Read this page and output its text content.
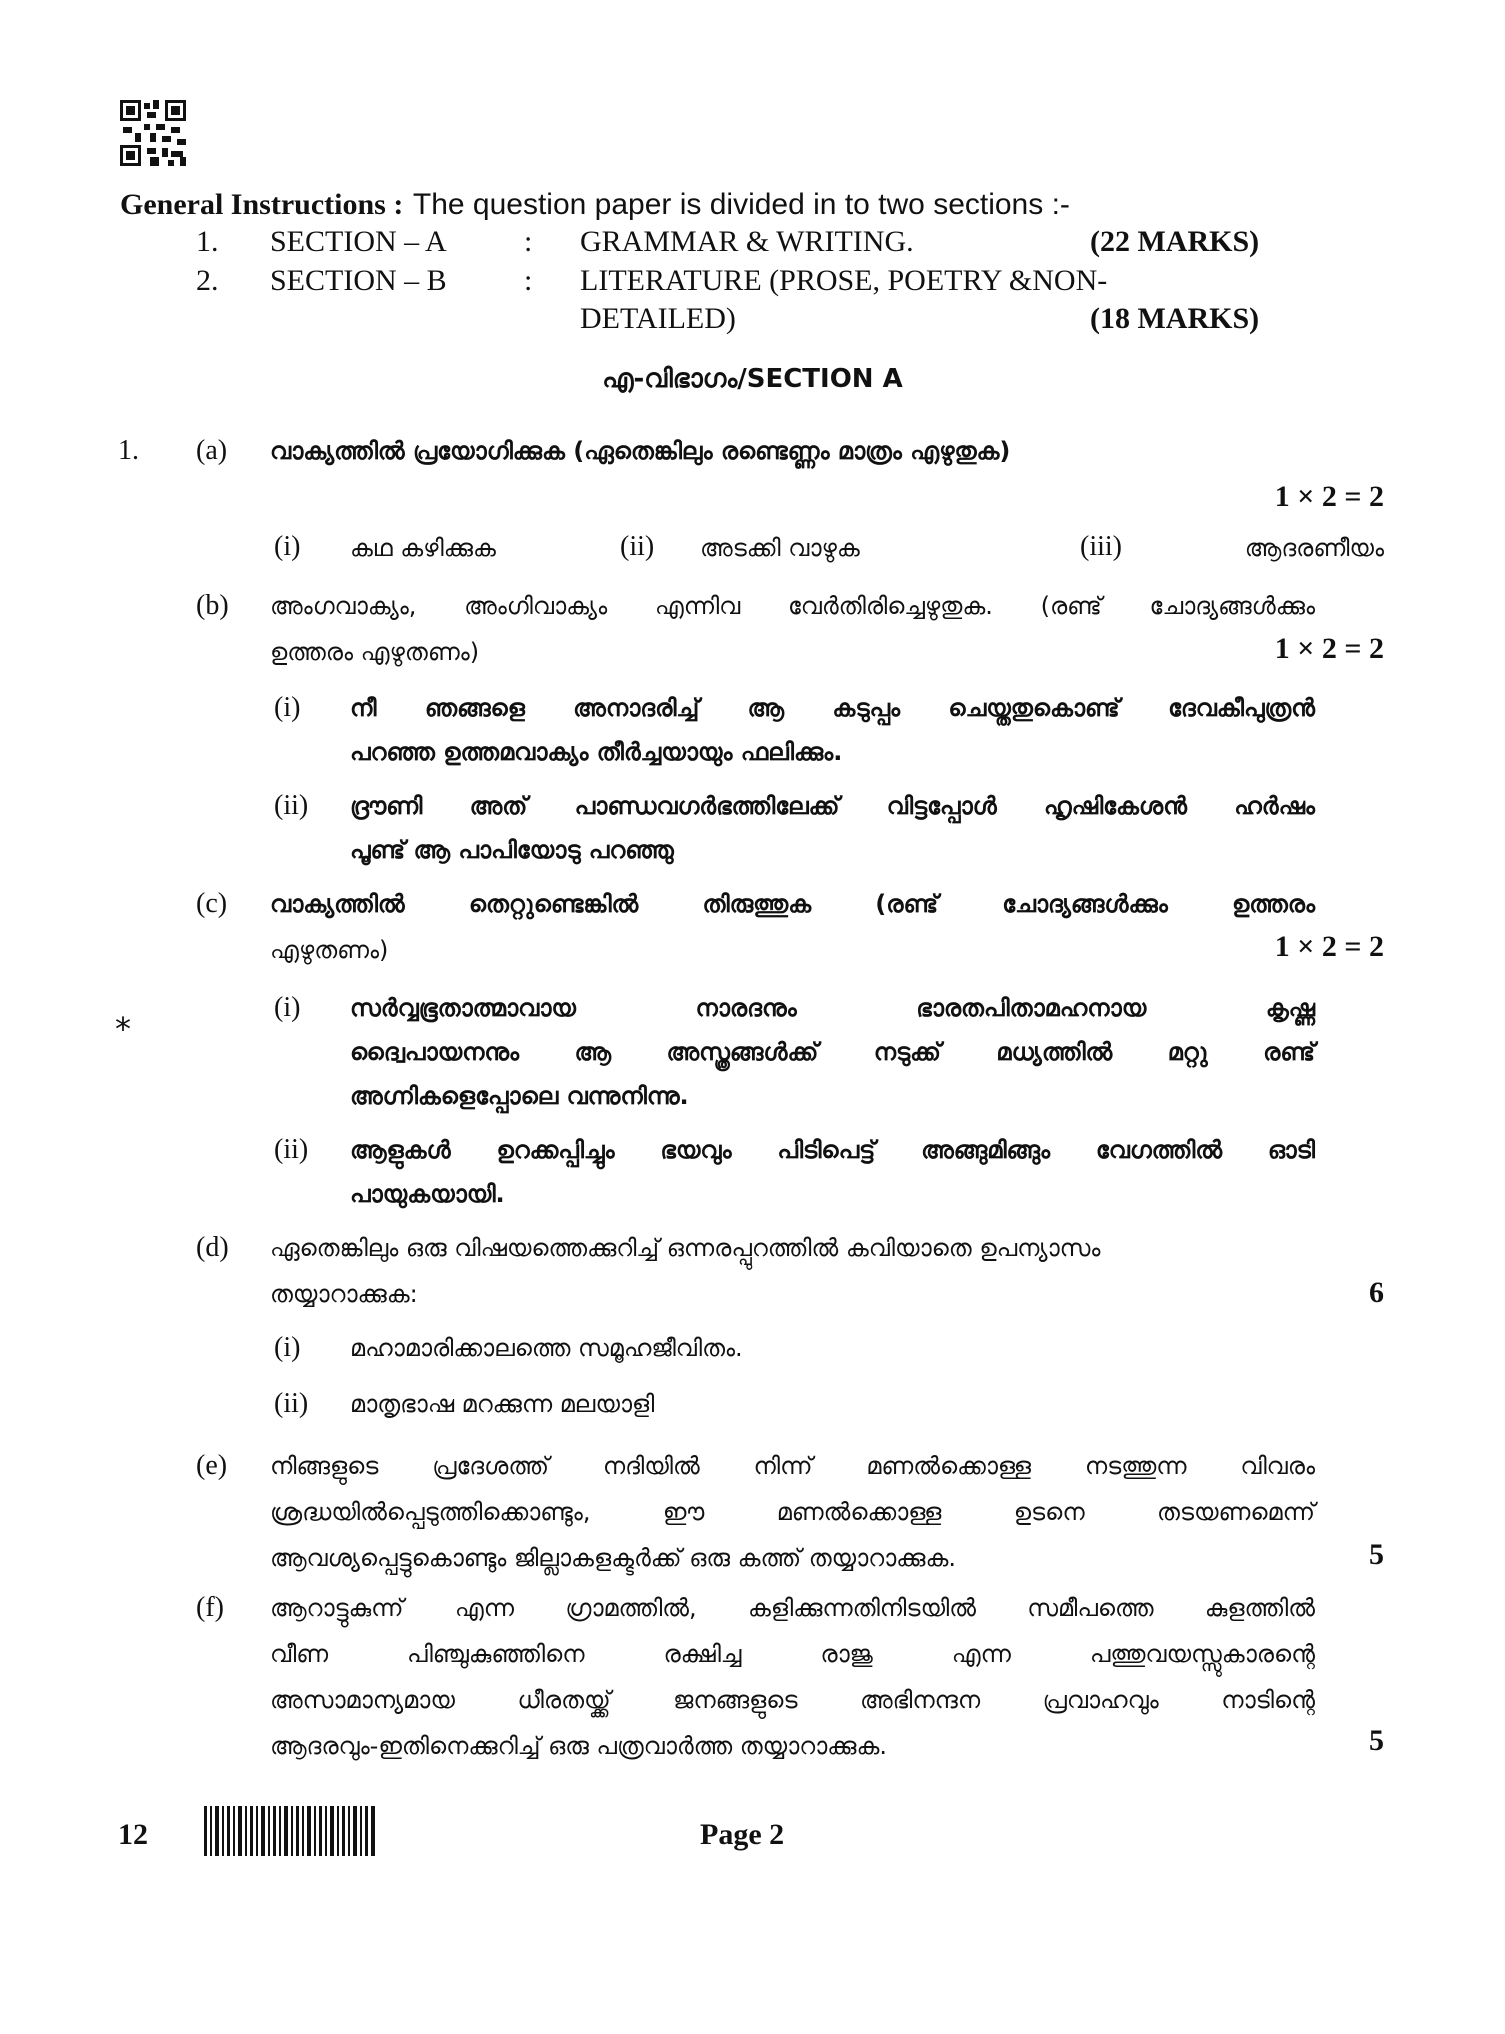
General Instructions : The question paper is divided in to two sections :-
1. SECTION – A	: GRAMMAR & WRITING.	(22 MARKS)
2. SECTION – B	: LITERATURE (PROSE, POETRY &NON-
DETAILED)	(18 MARKS)
എ-വിഭാഗം/SECTION A
1. (a) വാക്യത്തിൽ പ്രയോഗിക്കുക (ഏതെങ്കിലും രണ്ടെണ്ണം മാത്രം എഴുതുക)
1 × 2 = 2
(i) കഥ കഴിക്കുക	(ii) അടക്കി വാഴുക	(iii)	ആദരണീയം
(b) അംഗവാക്യം, അംഗിവാക്യം എന്നിവ വേർതിരിച്ചെഴുതുക. (രണ്ട് ചോദ്യങ്ങൾക്കും
ഉത്തരം എഴുതണം)	1 × 2 = 2
(i) നീ ഞങ്ങളെ അനാദരിച്ച് ആ കടുപ്പം ചെയ്തതുകൊണ്ട് ദേവകീപുത്രൻ
പറഞ്ഞ ഉത്തമവാക്യം തീർച്ചയായും ഫലിക്കും.
(ii) ദ്രൗണി അത് പാണ്ഡവഗർഭത്തിലേക്ക് വിട്ടപ്പോൾ ഹൃഷികേശൻ ഹർഷം
പൂണ്ട് ആ പാപിയോടു പറഞ്ഞു
(c) വാക്യത്തിൽ തെറ്റുണ്ടെങ്കിൽ തിരുത്തുക (രണ്ട് ചോദ്യങ്ങൾക്കും ഉത്തരം
എഴുതണം)	1 × 2 = 2
*
(i) സർവ്വഭൂതാത്മാവായ നാരദനും ഭാരതപിതാമഹനായ കൃഷ്ണ
ദ്വൈപായനനും ആ അസ്ത്രങ്ങൾക്ക് നടുക്ക് മധ്യത്തിൽ മറ്റു രണ്ട്
അഗ്നികളെപ്പോലെ വന്നുനിന്നു.
(ii) ആളുകൾ ഉറക്കപ്പിച്ചും ഭയവും പിടിപെട്ട് അങ്ങുമിങ്ങും വേഗത്തിൽ ഓടി
പായുകയായി.
(d) ഏതെങ്കിലും ഒരു വിഷയത്തെക്കുറിച്ച് ഒന്നരപ്പുറത്തിൽ കവിയാതെ ഉപന്യാസം
തയ്യാറാക്കുക:	6
(i) മഹാമാരിക്കാലത്തെ സമൂഹജീവിതം.
(ii) മാതൃഭാഷ മറക്കുന്ന മലയാളി
(e) നിങ്ങളുടെ പ്രദേശത്ത് നദിയിൽ നിന്ന് മണൽക്കൊള്ള നടത്തുന്ന വിവരം
ശ്രദ്ധയിൽപ്പെടുത്തിക്കൊണ്ടും, ഈ മണൽക്കൊള്ള ഉടനെ തടയണമെന്ന്
ആവശ്യപ്പെട്ടുകൊണ്ടും ജില്ലാകളക്ടർക്ക് ഒരു കത്ത് തയ്യാറാക്കുക.	5
(f) ആറാട്ടുകുന്ന് എന്ന ഗ്രാമത്തിൽ, കളിക്കുന്നതിനിടയിൽ സമീപത്തെ കുളത്തിൽ
വീണ പിഞ്ചുകുഞ്ഞിനെ രക്ഷിച്ച രാജു എന്ന പത്തുവയസ്സുകാരന്റെ
അസാമാന്യമായ ധീരതയ്ക്ക് ജനങ്ങളുടെ അഭിനന്ദന പ്രവാഹവും നാടിന്റെ
ആദരവും-ഇതിനെക്കുറിച്ച് ഒരു പത്രവാർത്ത തയ്യാറാക്കുക.	5
12	Page 2
